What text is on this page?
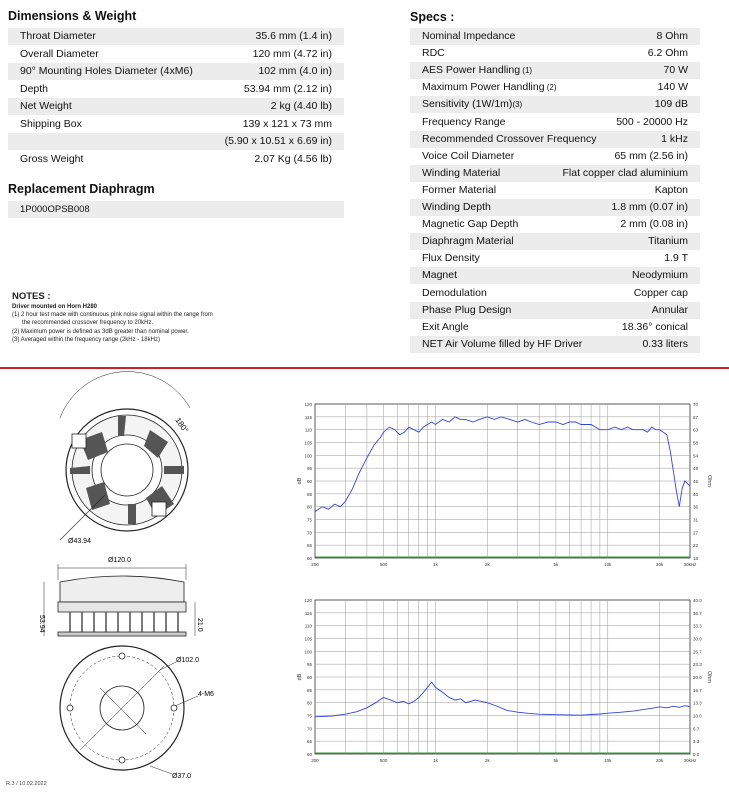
Dimensions & Weight
Throat Diameter	35.6 mm (1.4 in)
Overall Diameter	120 mm (4.72 in)
90° Mounting Holes Diameter (4xM6)	102 mm (4.0 in)
Depth	53.94 mm (2.12 in)
Net Weight	2 kg (4.40 lb)
Shipping Box	139 x 121 x 73 mm
(5.90 x 10.51 x 6.69 in)
Gross Weight	2.07 Kg (4.56 lb)
Replacement Diaphragm
1P000OPSB008
Specs :
Nominal Impedance	8 Ohm
RDC	6.2 Ohm
AES Power Handling (1)	70 W
Maximum Power Handling (2)	140 W
Sensitivity (1W/1m)(3)	109 dB
Frequency Range	500 - 20000 Hz
Recommended Crossover Frequency	1 kHz
Voice Coil Diameter	65 mm (2.56 in)
Winding Material	Flat copper clad aluminium
Former Material	Kapton
Winding Depth	1.8 mm (0.07 in)
Magnetic Gap Depth	2 mm (0.08 in)
Diaphragm Material	Titanium
Flux Density	1.9 T
Magnet	Neodymium
Demodulation	Copper cap
Phase Plug Design	Annular
Exit Angle	18.36° conical
NET Air Volume filled by HF Driver	0.33 liters
NOTES :
Driver mounted on Horn H280
(1) 2 hour test made with continuous pink noise signal within the range from
the recommended crossover frequency to 20kHz.
(2) Maximum power is defined as 3dB greater than nominal power.
(3) Averaged within the frequency range (2kHz - 18kHz)
180°
Ø43.94
Ø120.0
53.94	21.0
Ø102.0
4-M6
Ø37.0
R.3 / 10.02.2022
120
115
110
105
100
95
90
85
80
75
70
65
60
70
67
63
58
54
49
45
40
36
31
27
22
18
200	500	1k	2k	5k	10k	20k	30kHz
dB	Ohm
120
115
110
105
100
95
90
85
80
75
70
65
60
40.0
36.7
33.3
30.0
26.7
23.3
20.0
16.7
13.3
10.0
6.7
3.3
0.0
200	500	1k	2k	5k	10k	20k	30kHz
dB	Ohm
